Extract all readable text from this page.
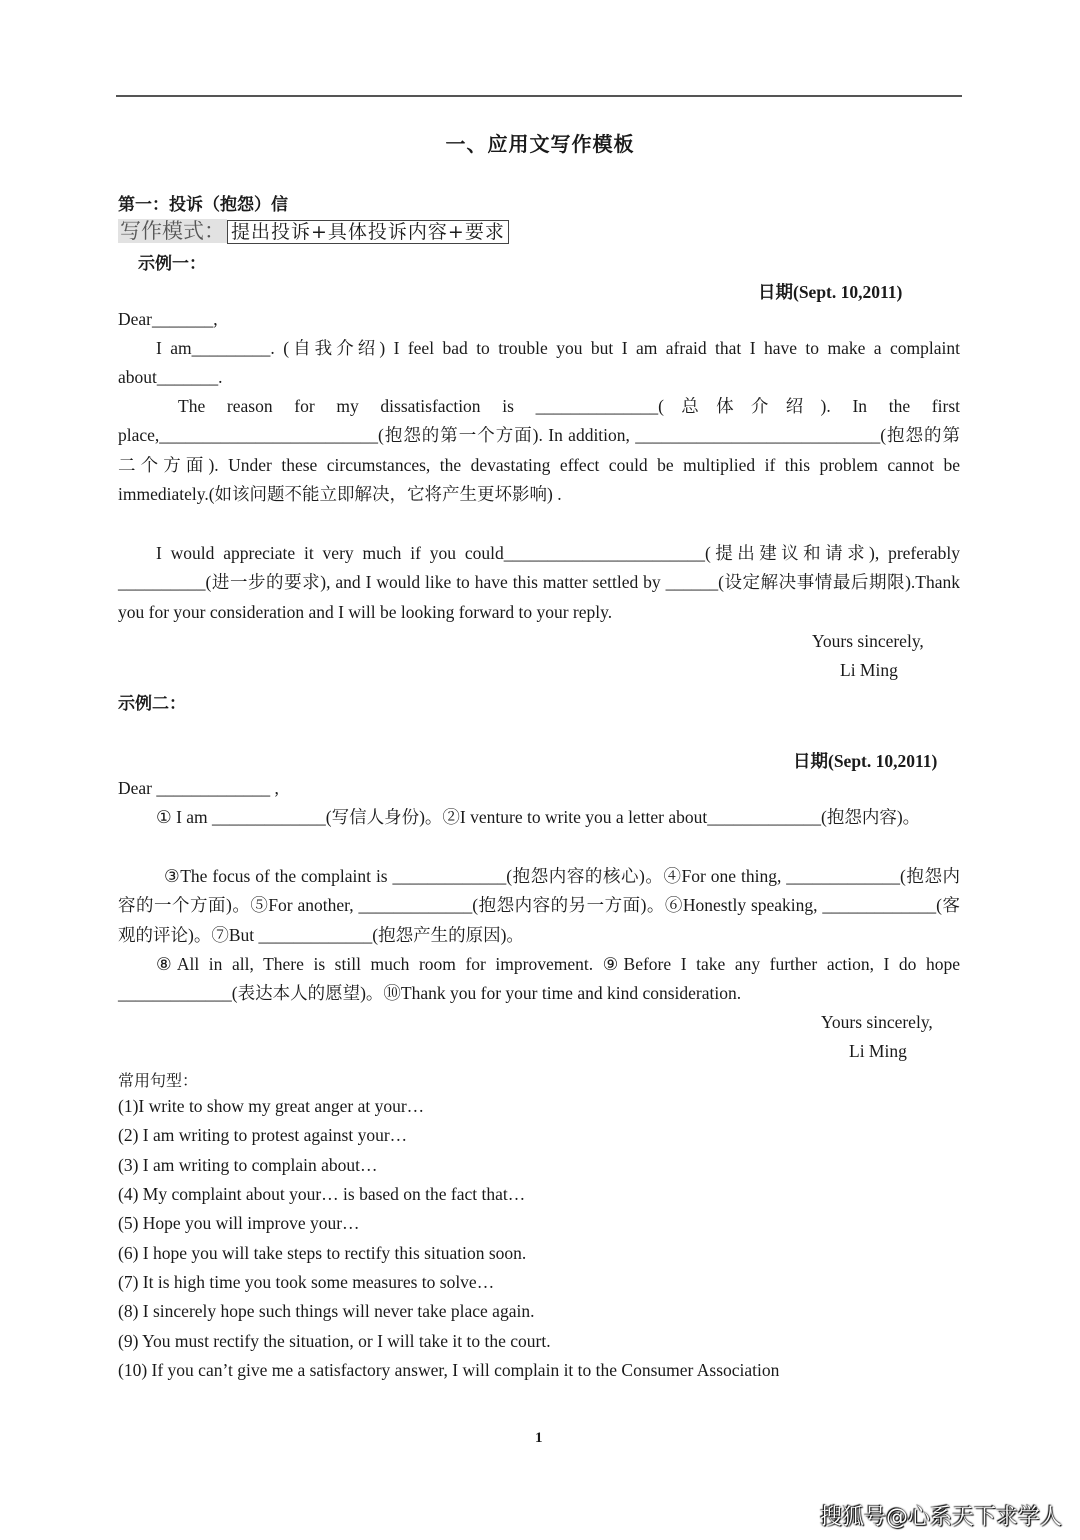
一、应用文写作模板
第一：投诉（抱怨）信
写作模式： 提出投诉+具体投诉内容+要求
示例一：
日期(Sept. 10,2011)
Dear_______,
I am_________. (自我介绍) I feel bad to trouble you but I am afraid that I have to make a complaint about_______.
The reason for my dissatisfaction is ______________(总体介绍). In the first place,_________________________(抱怨的第一个方面). In addition, ____________________________(抱怨的第二个方面). Under these circumstances, the devastating effect could be multiplied if this problem cannot be immediately.(如该问题不能立即解决，它将产生更坏影响) .
I would appreciate it very much if you could_______________________(提出建议和请求), preferably __________(进一步的要求), and I would like to have this matter settled by ______(设定解决事情最后期限).Thank you for your consideration and I will be looking forward to your reply.
Yours sincerely,
Li Ming
示例二：
日期(Sept. 10,2011)
Dear _____________ ,
① I am _____________(写信人身份)。②I venture to write you a letter about_____________(抱怨内容)。
③The focus of the complaint is _____________(抱怨内容的核心)。④For one thing, _____________(抱怨内容的一个方面)。⑤For another, _____________(抱怨内容的另一方面)。⑥Honestly speaking, _____________(客观的评论)。⑦But _____________(抱怨产生的原因)。
⑧All in all, There is still much room for improvement. ⑨Before I take any further action, I do hope _____________(表达本人的愿望)。⑩Thank you for your time and kind consideration.
Yours sincerely,
Li Ming
常用句型：
(1)I write to show my great anger at your…
(2) I am writing to protest against your…
(3) I am writing to complain about…
(4) My complaint about your… is based on the fact that…
(5) Hope you will improve your…
(6) I hope you will take steps to rectify this situation soon.
(7) It is high time you took some measures to solve…
(8) I sincerely hope such things will never take place again.
(9) You must rectify the situation, or I will take it to the court.
(10) If you can’t give me a satisfactory answer, I will complain it to the Consumer Association
1
搜狐号@心系天下求学人
